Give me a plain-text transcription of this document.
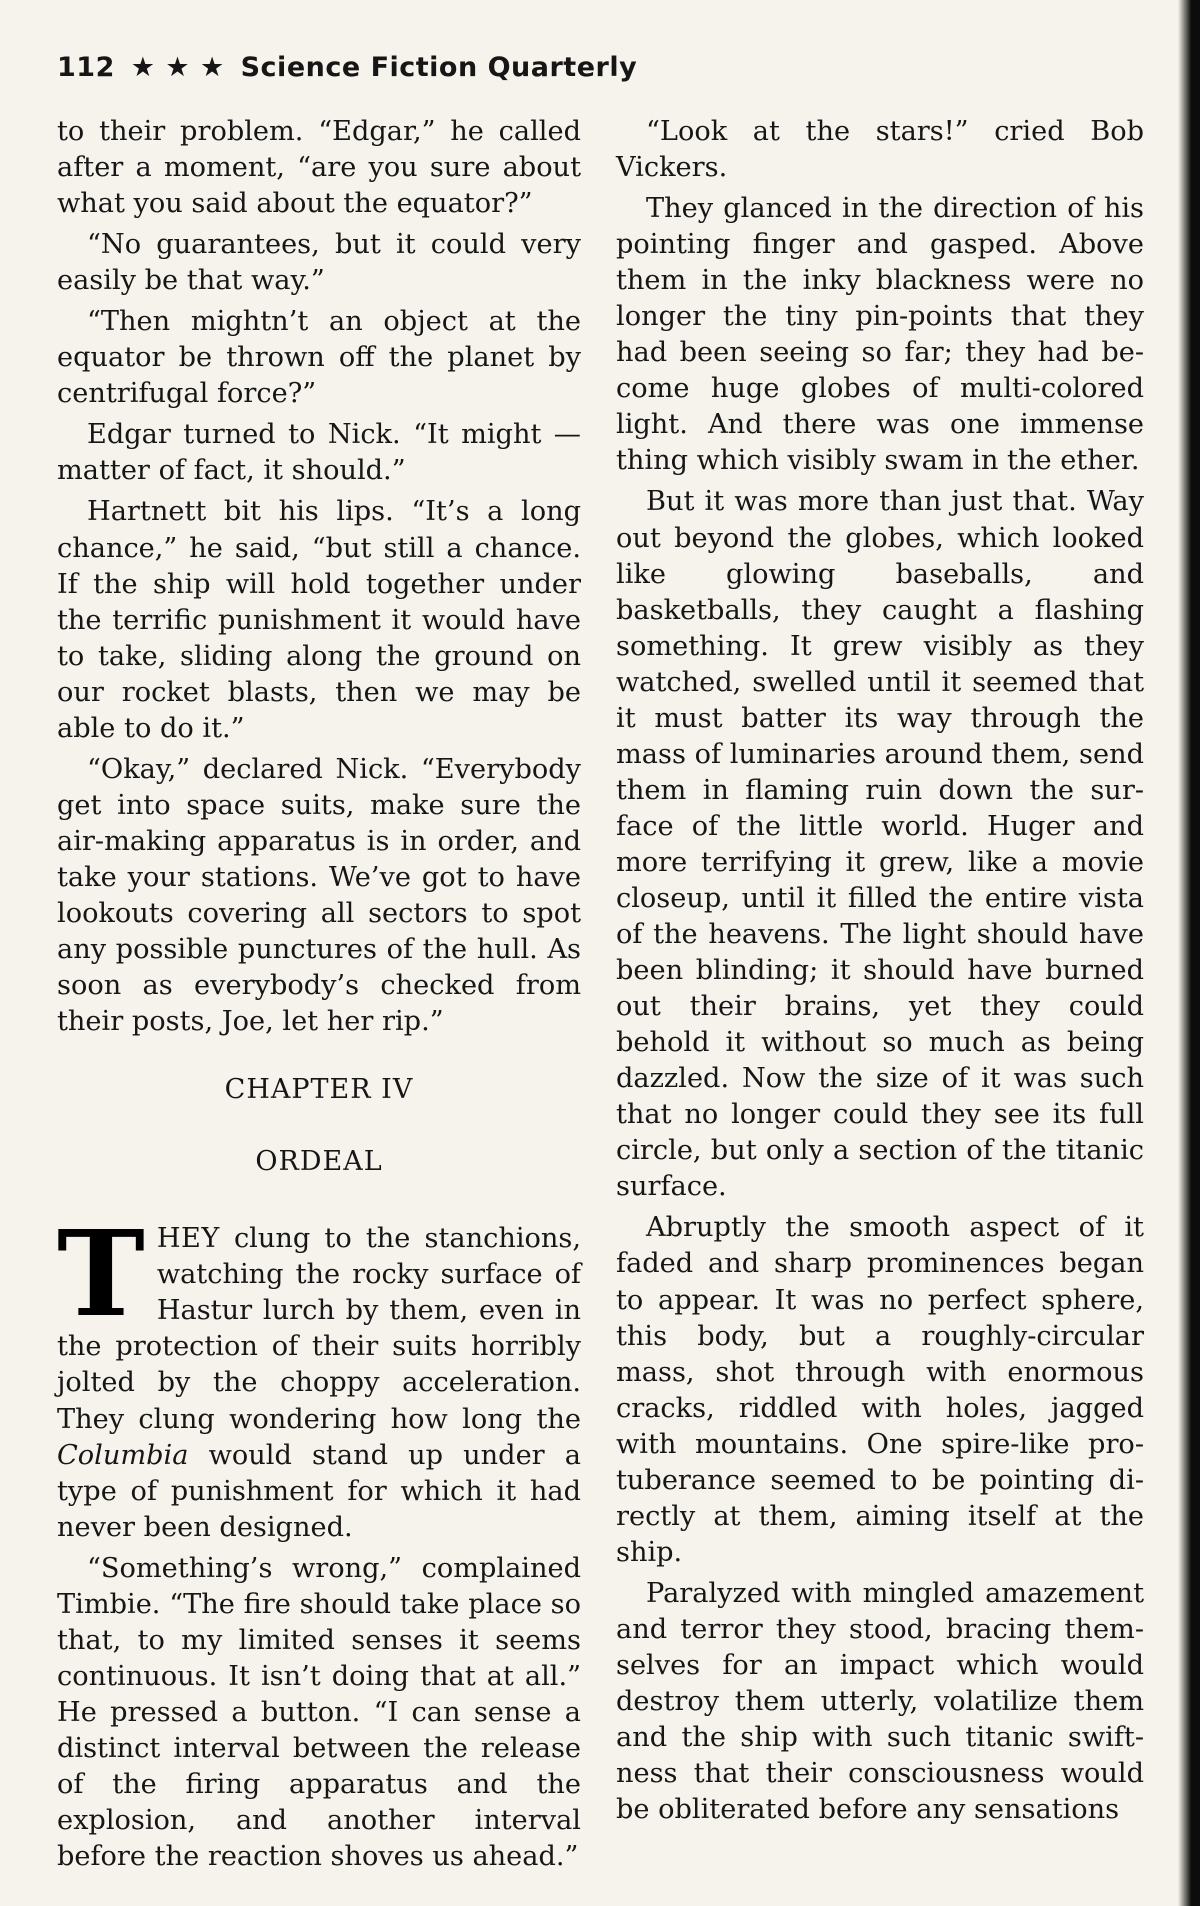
112 ★ ★ ★ Science Fiction Quarterly

to their problem. “Edgar,” he called after a moment, “are you sure about what you said about the equator?”

“No guarantees, but it could very easily be that way.”

“Then mightn’t an object at the equator be thrown off the planet by centrifugal force?”

Edgar turned to Nick. “It might —matter of fact, it should.”

Hartnett bit his lips. “It’s a long chance,” he said, “but still a chance. If the ship will hold together under the terrific punishment it would have to take, sliding along the ground on our rocket blasts, then we may be able to do it.”

“Okay,” declared Nick. “Everybody get into space suits, make sure the air-making apparatus is in order, and take your stations. We’ve got to have lookouts covering all sectors to spot any possible punctures of the hull. As soon as everybody’s checked from their posts, Joe, let her rip.”

CHAPTER IV
ORDEAL

THEY clung to the stanchions, watching the rocky surface of Hastur lurch by them, even in the protection of their suits horribly jolted by the choppy acceleration. They clung wondering how long the Columbia would stand up under a type of punishment for which it had never been designed.

“Something’s wrong,” complained Timbie. “The fire should take place so that, to my limited senses it seems continuous. It isn’t doing that at all.” He pressed a button. “I can sense a distinct interval between the release of the firing apparatus and the explosion, and another interval before the reaction shoves us ahead.”

“Look at the stars!” cried Bob Vickers.

They glanced in the direction of his pointing finger and gasped. Above them in the inky blackness were no longer the tiny pin-points that they had been seeing so far; they had become huge globes of multi-colored light. And there was one immense thing which visibly swam in the ether.

But it was more than just that. Way out beyond the globes, which looked like glowing baseballs, and basketballs, they caught a flashing something. It grew visibly as they watched, swelled until it seemed that it must batter its way through the mass of luminaries around them, send them in flaming ruin down the surface of the little world. Huger and more terrifying it grew, like a movie closeup, until it filled the entire vista of the heavens. The light should have been blinding; it should have burned out their brains, yet they could behold it without so much as being dazzled. Now the size of it was such that no longer could they see its full circle, but only a section of the titanic surface.

Abruptly the smooth aspect of it faded and sharp prominences began to appear. It was no perfect sphere, this body, but a roughly-circular mass, shot through with enormous cracks, riddled with holes, jagged with mountains. One spire-like protuberance seemed to be pointing directly at them, aiming itself at the ship.

Paralyzed with mingled amazement and terror they stood, bracing themselves for an impact which would destroy them utterly, volatilize them and the ship with such titanic swiftness that their consciousness would be obliterated before any sensations
